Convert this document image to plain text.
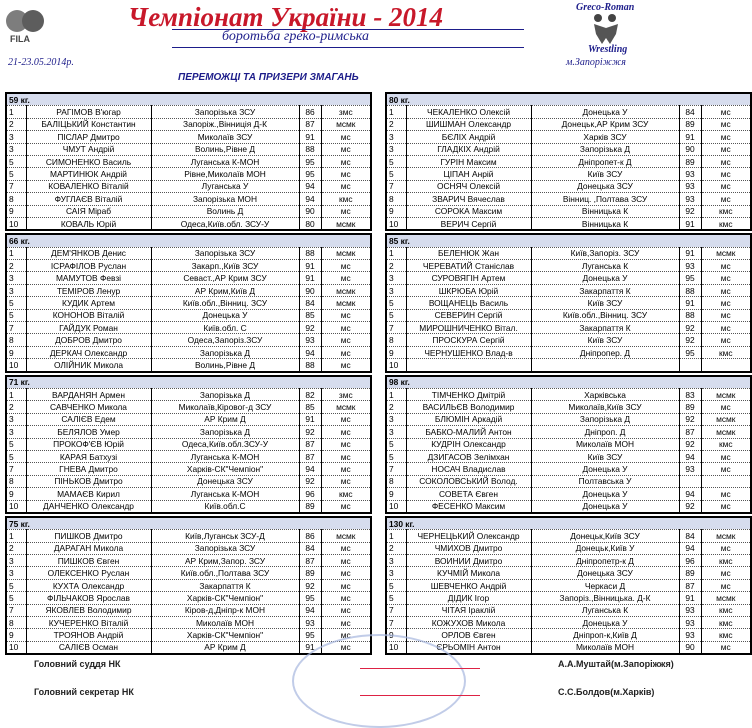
FILA
Чемпіонат України - 2014
боротьба греко-римська
Greco-Roman
Wrestling
м.Запоріжжя
21-23.05.2014р.
ПЕРЕМОЖЦІ ТА ПРИЗЕРИ ЗМАГАНЬ
59 кг.				
1	РАГІМОВ В'югар	Запорізька ЗСУ	86	змс
2	БАЛІЦЬКИЙ Константин	Запоріж.,Вінниція Д-К	87	мсмк
3	ПІСЛАР Дмитро	Миколаїв ЗСУ	91	мс
3	ЧМУТ Андрій	Волинь,Рівне Д	88	мс
5	СИМОНЕНКО Василь	Луганська К-МОН	95	мс
5	МАРТИНЮК Андрій	Рівне,Миколаїв МОН	95	мс
7	КОВАЛЕНКО Віталій	Луганська У	94	мс
8	ФУГЛАЄВ Віталій	Запорізька МОН	94	кмс
9	САІЯ Міраб	Волинь Д	90	мс
10	КОВАЛЬ Юрій	Одеса,Київ.обл. ЗСУ-У	80	мсмк
66 кг.				
1	ДЕМ'ЯНКОВ Денис	Запорізька ЗСУ	88	мсмк
2	ІСРАФІЛОВ Руслан	Закарп.,Київ ЗСУ	91	мс
3	МАМУТОВ Февзі	Севаст.,АР Крим ЗСУ	91	мс
3	ТЕМІРОВ Ленур	АР Крим,Київ Д	90	мсмк
5	КУДИК Артем	Київ.обл.,Вінниц. ЗСУ	84	мсмк
5	КОНОНОВ Віталій	Донецька У	85	мс
7	ГАЙДУК Роман	Київ.обл. С	92	мс
8	ДОБРОВ Дмитро	Одеса,Запоріз.ЗСУ	93	мс
9	ДЕРКАЧ Олександр	Запорізька Д	94	мс
10	ОЛІЙНИК Микола	Волинь,Рівне Д	88	мс
71 кг.				
1	ВАРДАНЯН Армен	Запорізька Д	82	змс
2	САВЧЕНКО Микола	Миколаїв,Кіровог-д ЗСУ	85	мсмк
3	САЛІЄВ Едем	АР Крим Д	91	мс
3	БЕЛЯЛОВ Умер	Запорізька Д	92	мс
5	ПРОКОФ'ЄВ Юрій	Одеса,Київ.обл.ЗСУ-У	87	мс
5	КАРАЯ Батхузі	Луганська К-МОН	87	мс
7	ГНЕВА Дмитро	Харків-СК"Чемпіон"	94	мс
8	ПІНЬКОВ Дмитро	Донецька ЗСУ	92	мс
9	МАМАЄВ Кирил	Луганська К-МОН	96	кмс
10	ДАНЧЕНКО Олександр	Київ.обл.С	89	мс
75 кг.				
1	ПИШКОВ Дмитро	Київ,Луганськ ЗСУ-Д	86	мсмк
2	ДАРАГАН Микола	Запорізька ЗСУ	84	мс
3	ПИШКОВ Євген	АР Крим,Запор. ЗСУ	87	мс
3	ОЛЕКСЕНКО Руслан	Київ.обл.,Полтава ЗСУ	89	мс
5	КУХТА Олександр	Закарпаття К	92	мс
5	ФІЛЬЧАКОВ Ярослав	Харків-СК"Чемпіон"	95	мс
7	ЯКОВЛЕВ Володимир	Кіров-д,Дніпр-к МОН	94	мс
8	КУЧЕРЕНКО Віталій	Миколаїв МОН	93	мс
9	ТРОЯНОВ Андрій	Харків-СК"Чемпіон"	95	мс
10	САЛІЄВ Осман	АР Крим Д	91	мс
80 кг.				
1	ЧЕКАЛЕНКО Олексій	Донецька У	84	мс
2	ШИШМАН Олександр	Донецьк,АР Крим ЗСУ	89	мс
3	БЄЛІХ Андрій	Харків ЗСУ	91	мс
3	ГЛАДКІХ Андрій	Запорізька Д	90	мс
5	ГУРІН Максим	Дніпропет-к Д	89	мс
5	ЦІПАН Анрій	Київ ЗСУ	93	мс
7	ОСНЯЧ Олексій	Донецька ЗСУ	93	мс
8	ЗВАРИЧ Вячеслав	Вінниц. ,Полтава ЗСУ	93	мс
9	СОРОКА Максим	Вінницька К	92	кмс
10	ВЕРИЧ Сергій	Вінницька К	91	кмс
85 кг.				
1	БЕЛЕНЮК Жан	Київ,Запоріз. ЗСУ	91	мсмк
2	ЧЕРЕВАТИЙ Станіслав	Луганська К	93	мс
3	СУРОВЯГІН Артем	Донецька У	95	мс
3	ШКРЮБА Юрій	Закарпаття К	88	мс
5	ВОЩАНЕЦЬ Василь	Київ ЗСУ	91	мс
5	СЕВЕРИН Сергій	Київ.обл.,Вінниц. ЗСУ	88	мс
7	МИРОШНИЧЕНКО Вітал.	Закарпаття К	92	мс
8	ПРОСКУРА Сергій	Київ ЗСУ	92	мс
9	ЧЕРНУШЕНКО Влад-в	Дніпропер. Д	95	кмс
10				
98 кг.				
1	ТІМЧЕНКО Дмітрій	Харківська	83	мсмк
2	ВАСИЛЬЄВ Володимир	Миколаїв,Київ ЗСУ	89	мс
3	БЛЮМІН Аркадій	Запорізька Д	92	мсмк
3	БАБКО-МАЛИЙ Антон	Дніпроп. Д	87	мсмк
5	КУДРІН Олександр	Миколаїв МОН	92	кмс
5	ДЗИГАСОВ Зелімхан	Київ ЗСУ	94	мс
7	НОСАЧ Владислав	Донецька У	93	мс
8	СОКОЛОВСЬКИЙ Волод.	Полтавська У		
9	СОВЕТА Євген	Донецька У	94	мс
10	ФЕСЕНКО Максим	Донецька У	92	мс
130 кг.				
1	ЧЕРНЕЦЬКИЙ Олександр	Донецьк,Київ ЗСУ	84	мсмк
2	ЧМИХОВ Дмитро	Донецьк,Київ У	94	мс
3	ВОИНИИ Дмитро	Дніпропетр-к Д	96	кмс
3	КУЧМІЙ Микола	Донецька ЗСУ	89	мс
5	ШЕВЧЕНКО Андрій	Черкаси Д	87	мс
5	ДІДИК Ігор	Запоріз.,Вінницька. Д-К	91	мсмк
7	ЧІТАЯ Іраклій	Луганська К	93	кмс
7	КОЖУХОВ Микола	Донецька У	93	кмс
9	ОРЛОВ Євген	Дніпроп-к,Київ Д	93	кмс
10	ЄРЬОМІН Антон	Миколаїв МОН	90	мс
Головний суддя НК	А.А.Муштай(м.Запоріжжя)
Головний секретар НК	С.С.Болдов(м.Харків)
